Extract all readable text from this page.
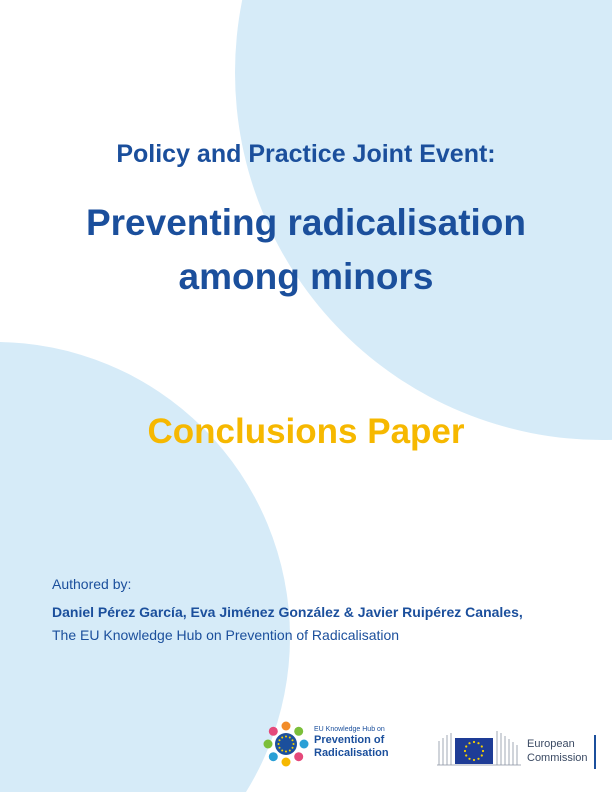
Policy and Practice Joint Event:
Preventing radicalisation
among minors
Conclusions Paper
Authored by:
Daniel Pérez García, Eva Jiménez González & Javier Ruipérez Canales,
The EU Knowledge Hub on Prevention of Radicalisation
EU Knowledge Hub on
Prevention of
Radicalisation
European
Commission
